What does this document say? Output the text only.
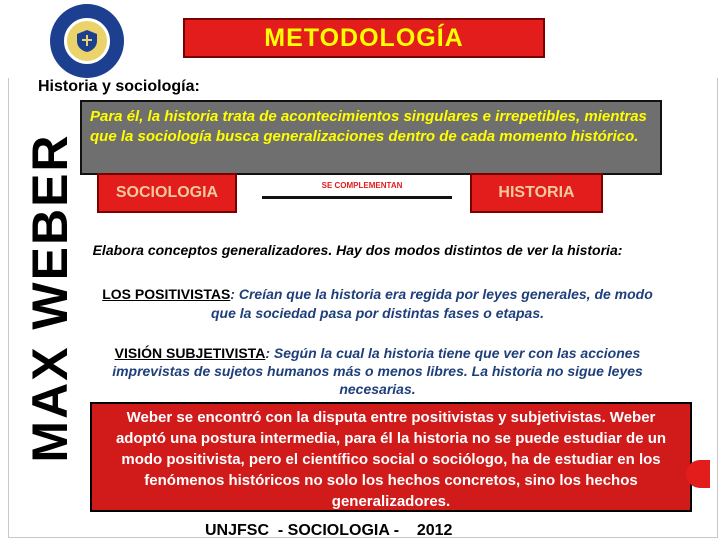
METODOLOGÍA
MAX WEBER
Historia y sociología:
Para él, la historia trata de acontecimientos singulares e irrepetibles, mientras que la sociología busca generalizaciones dentro de cada momento histórico.
SOCIOLOGIA	SE COMPLEMENTAN	HISTORIA
Elabora conceptos generalizadores. Hay dos modos distintos de ver la historia:
LOS POSITIVISTAS: Creían que la historia era regida por leyes generales, de modo que la sociedad pasa por distintas fases o etapas.
VISIÓN SUBJETIVISTA: Según la cual la historia tiene que ver con las acciones imprevistas de sujetos humanos más o menos libres. La historia no sigue leyes necesarias.
Weber se encontró con la disputa entre positivistas y subjetivistas. Weber adoptó una postura intermedia, para él la historia no se puede estudiar de un modo positivista, pero el científico social o sociólogo, ha de estudiar en los fenómenos históricos no solo los hechos concretos, sino los hechos generalizadores.
UNJFSC  - SOCIOLOGIA -    2012
